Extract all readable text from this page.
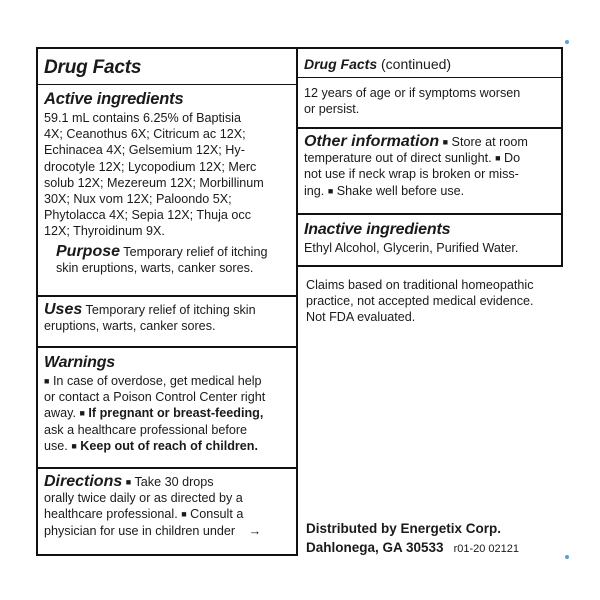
Drug Facts
Active ingredients

59.1 mL contains 6.25% of Baptisia

4X; Ceanothus 6X; Citricum ac 12X;

Echinacea 4X; Gelsemium 12X; Hy-

drocotyle 12X; Lycopodium 12X; Merc

solub 12X; Mezereum 12X; Morbillinum

30X; Nux vom 12X; Paloondo 5X;

Phytolacca 4X; Sepia 12X; Thuja occ

12X; Thyroidinum 9X.

Purpose Temporary relief of itching

skin eruptions, warts, canker sores.

Uses Temporary relief of itching skin

eruptions, warts, canker sores.

Warnings

■ In case of overdose, get medical help

or contact a Poison Control Center right

away. ■ If pregnant or breast-feeding,

ask a healthcare professional before

use. ■ Keep out of reach of children.

Directions ■ Take 30 drops

orally twice daily or as directed by a

healthcare professional. ■ Consult a

physician for use in children under →

Drug Facts (continued)

12 years of age or if symptoms worsen

or persist.

Other information ■ Store at room

temperature out of direct sunlight. ■ Do

not use if neck wrap is broken or miss-

ing. ■ Shake well before use.

Inactive ingredients

Ethyl Alcohol, Glycerin, Purified Water.

Claims based on traditional homeopathic

practice, not accepted medical evidence.

Not FDA evaluated.

Distributed by Energetix Corp.
Dahlonega, GA 30533 r01-20 02121
